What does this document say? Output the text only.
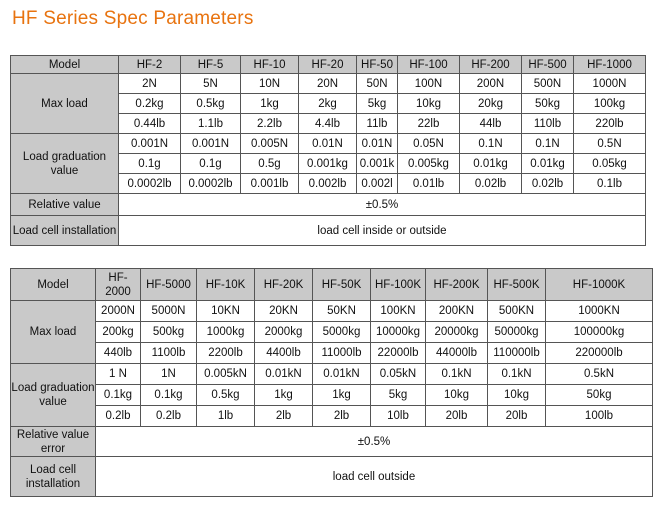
HF Series Spec Parameters
Model	HF-2	HF-5	HF-10	HF-20	HF-50	HF-100	HF-200	HF-500	HF-1000
Max load	2N	5N	10N	20N	50N	100N	200N	500N	1000N
	0.2kg	0.5kg	1kg	2kg	5kg	10kg	20kg	50kg	100kg
	0.44lb	1.1lb	2.2lb	4.4lb	11lb	22lb	44lb	110lb	220lb
Load graduation value	0.001N	0.001N	0.005N	0.01N	0.01N	0.05N	0.1N	0.1N	0.5N
	0.1g	0.1g	0.5g	0.001kg	0.001k	0.005kg	0.01kg	0.01kg	0.05kg
	0.0002lb	0.0002lb	0.001lb	0.002lb	0.002l	0.01lb	0.02lb	0.02lb	0.1lb
Relative value	±0.5%								
Load cell installation	load cell inside or outside								
Model	HF-2000	HF-5000	HF-10K	HF-20K	HF-50K	HF-100K	HF-200K	HF-500K	HF-1000K
Max load	2000N	5000N	10KN	20KN	50KN	100KN	200KN	500KN	1000KN
	200kg	500kg	1000kg	2000kg	5000kg	10000kg	20000kg	50000kg	100000kg
	440lb	1100lb	2200lb	4400lb	11000lb	22000lb	44000lb	110000lb	220000lb
Load graduation value	1 N	1N	0.005kN	0.01kN	0.01kN	0.05kN	0.1kN	0.1kN	0.5kN
	0.1kg	0.1kg	0.5kg	1kg	1kg	5kg	10kg	10kg	50kg
	0.2lb	0.2lb	1lb	2lb	2lb	10lb	20lb	20lb	100lb
Relative value error	±0.5%								
Load cell installation	load cell outside								
